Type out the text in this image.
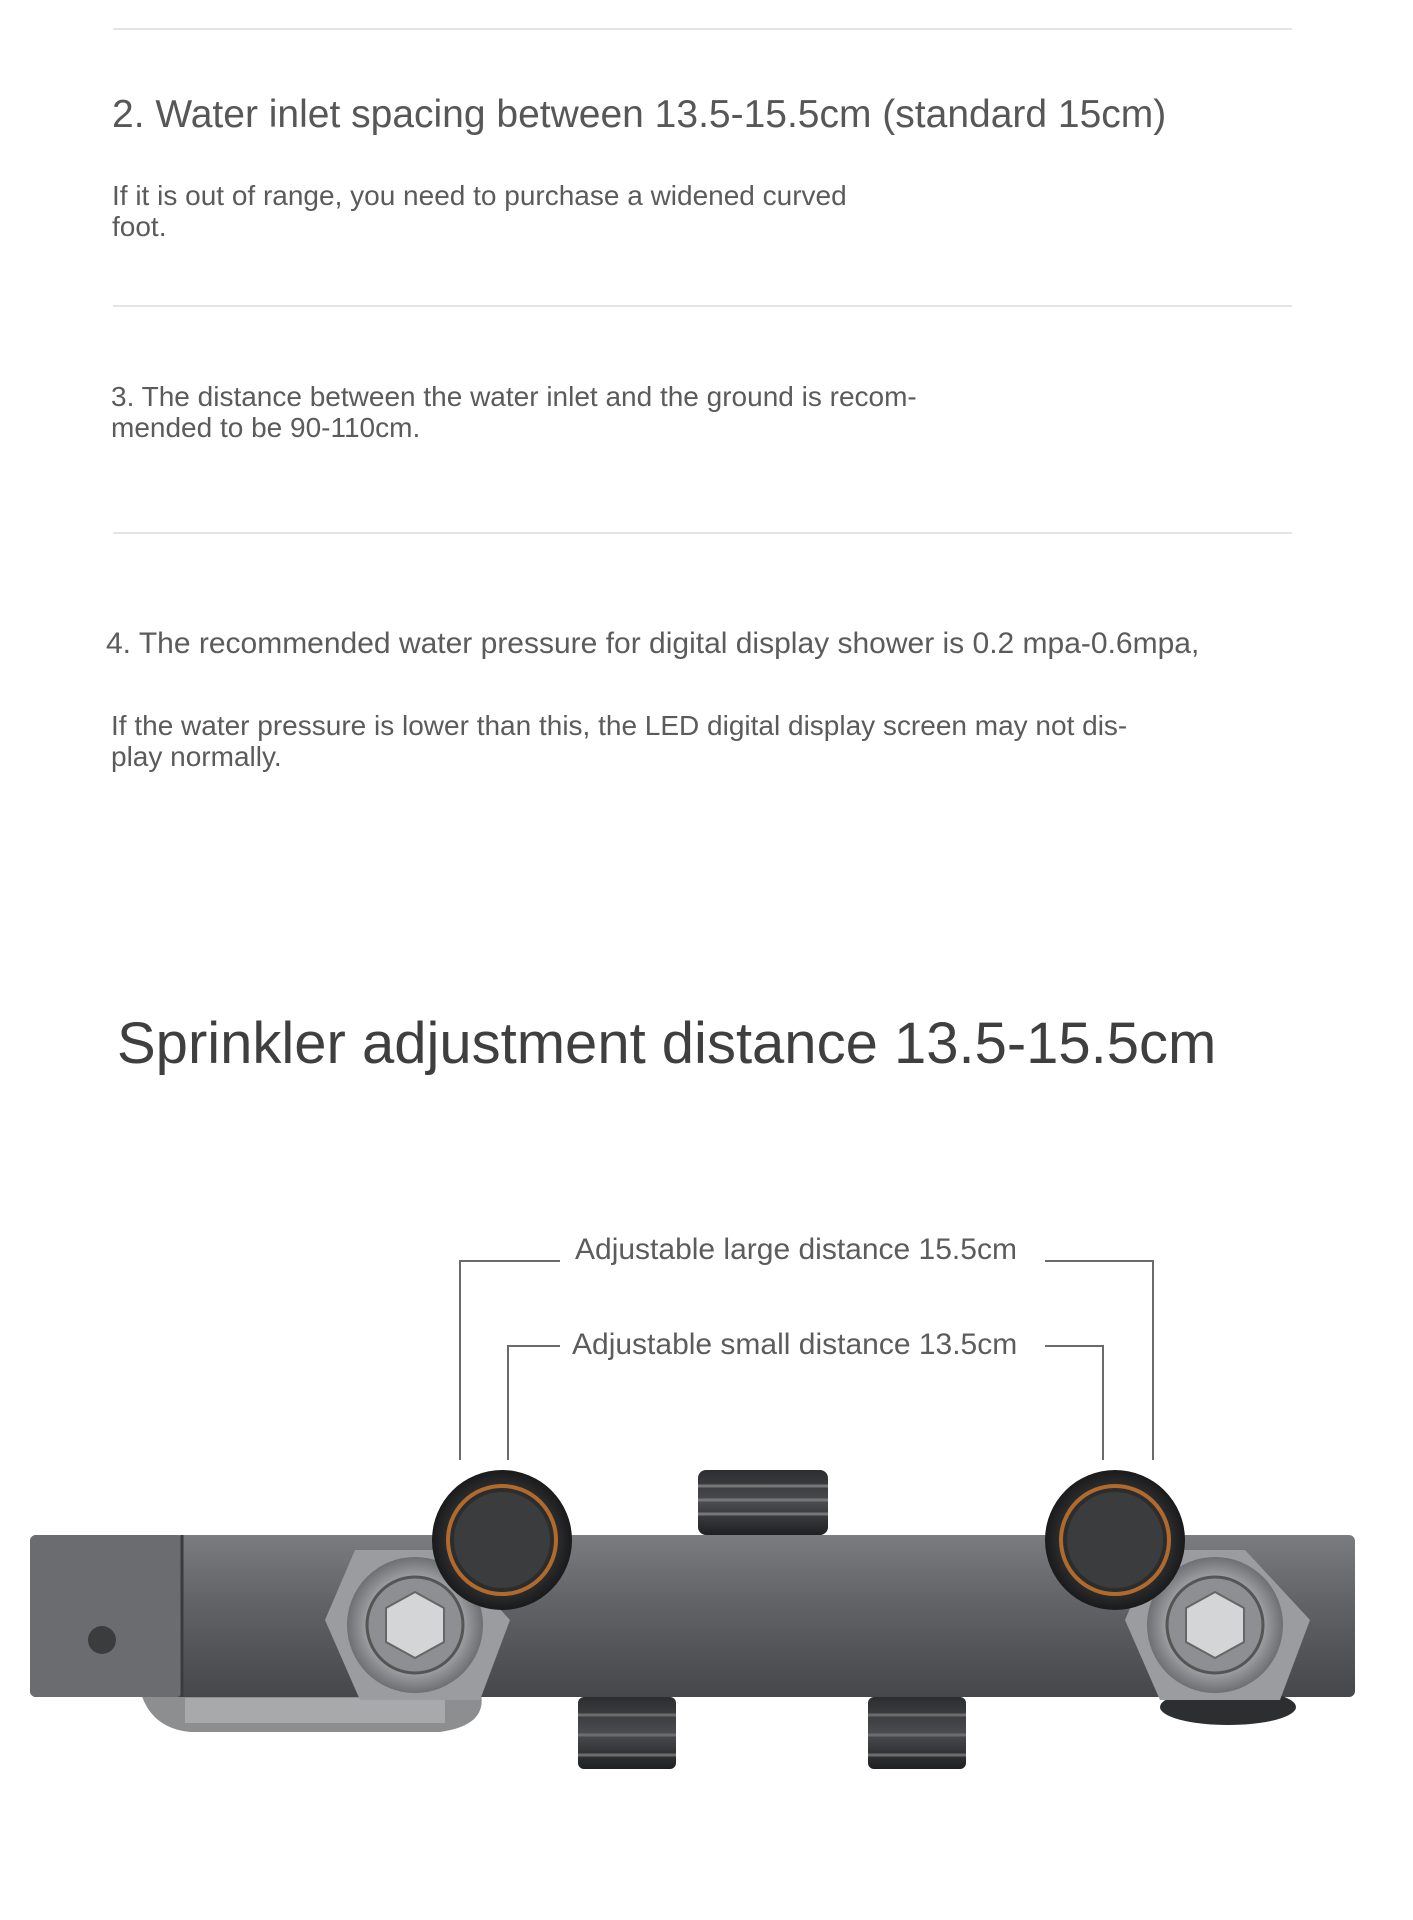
2. Water inlet spacing between 13.5-15.5cm (standard 15cm)

If it is out of range, you need to purchase a widened curved
foot.

3. The distance between the water inlet and the ground is recom-
mended to be 90-110cm.

4. The recommended water pressure for digital display shower is 0.2 mpa-0.6mpa,

If the water pressure is lower than this, the LED digital display screen may not dis-
play normally.

Sprinkler adjustment distance 13.5-15.5cm

Adjustable large distance 15.5cm

Adjustable small distance 13.5cm
